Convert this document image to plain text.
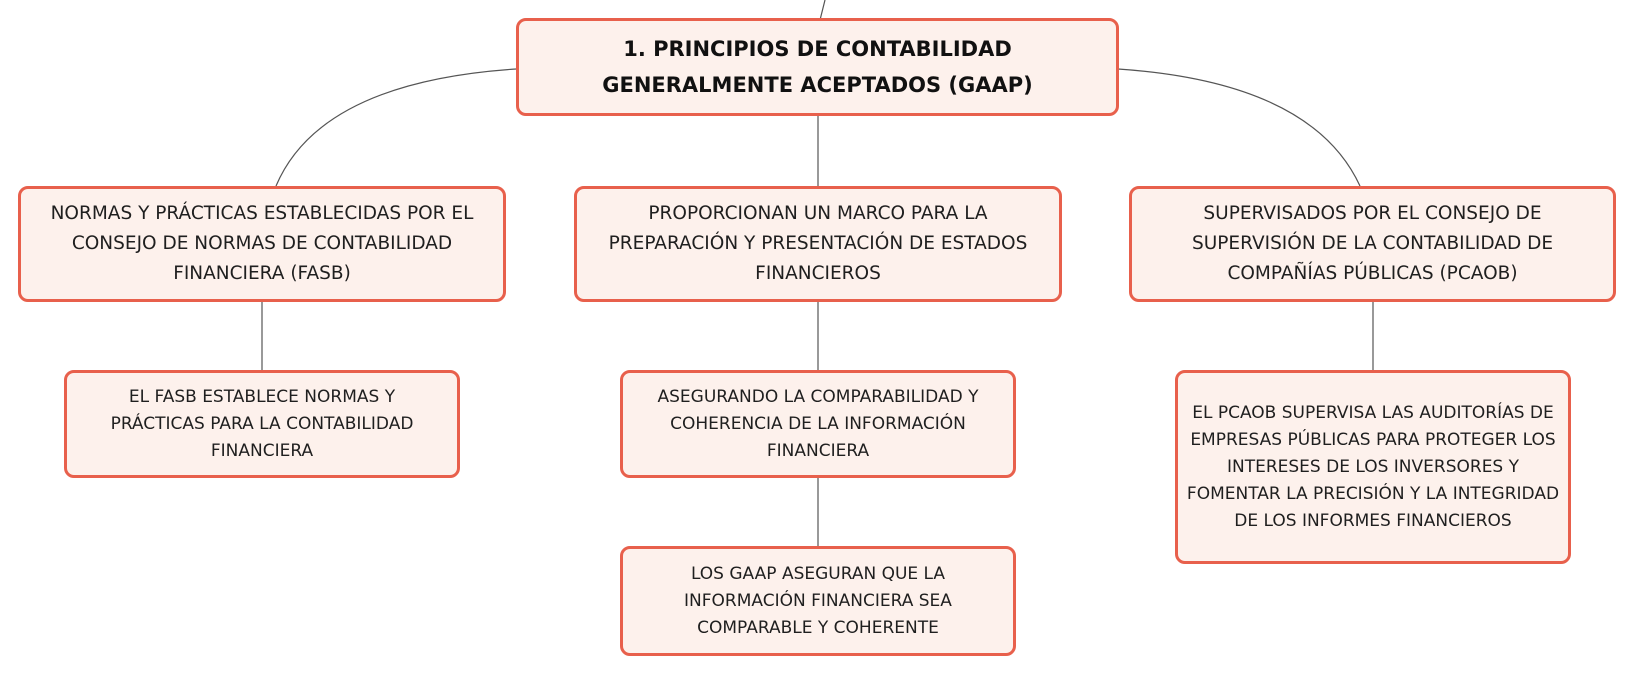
1. PRINCIPIOS DE CONTABILIDAD GENERALMENTE ACEPTADOS (GAAP)
NORMAS Y PRÁCTICAS ESTABLECIDAS POR EL CONSEJO DE NORMAS DE CONTABILIDAD FINANCIERA (FASB)
PROPORCIONAN UN MARCO PARA LA PREPARACIÓN Y PRESENTACIÓN DE ESTADOS FINANCIEROS
SUPERVISADOS POR EL CONSEJO DE SUPERVISIÓN DE LA CONTABILIDAD DE COMPAÑÍAS PÚBLICAS (PCAOB)
EL FASB ESTABLECE NORMAS Y PRÁCTICAS PARA LA CONTABILIDAD FINANCIERA
ASEGURANDO LA COMPARABILIDAD Y COHERENCIA DE LA INFORMACIÓN FINANCIERA
LOS GAAP ASEGURAN QUE LA INFORMACIÓN FINANCIERA SEA COMPARABLE Y COHERENTE
EL PCAOB SUPERVISA LAS AUDITORÍAS DE EMPRESAS PÚBLICAS PARA PROTEGER LOS INTERESES DE LOS INVERSORES Y FOMENTAR LA PRECISIÓN Y LA INTEGRIDAD DE LOS INFORMES FINANCIEROS
